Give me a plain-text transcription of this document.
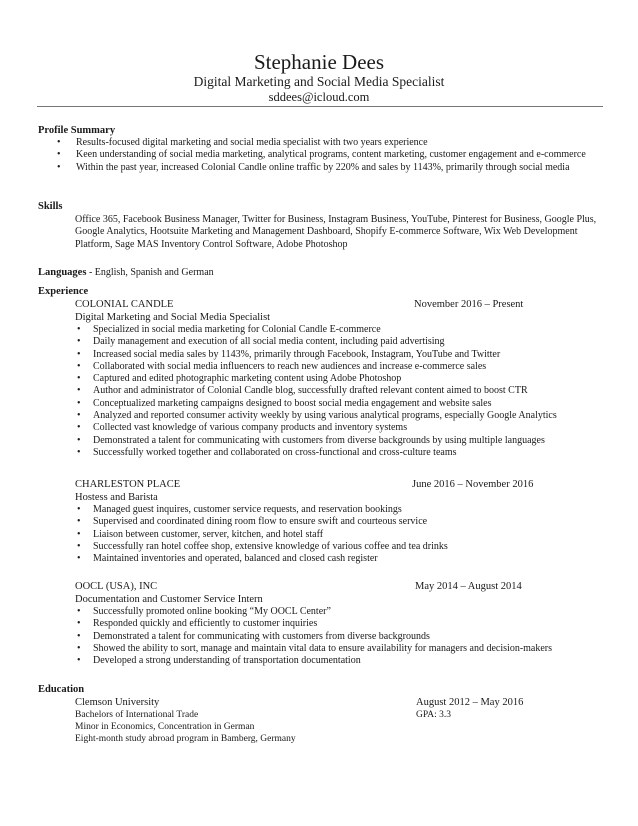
Stephanie Dees
Digital Marketing and Social Media Specialist
sddees@icloud.com
Profile Summary
• Results-focused digital marketing and social media specialist with two years experience
• Keen understanding of social media marketing, analytical programs, content marketing, customer engagement and e-commerce
• Within the past year, increased Colonial Candle online traffic by 220% and sales by 1143%, primarily through social media
Skills
Office 365, Facebook Business Manager, Twitter for Business, Instagram Business, YouTube, Pinterest for Business, Google Plus, Google Analytics, Hootsuite Marketing and Management Dashboard, Shopify E-commerce Software, Wix Web Development Platform, Sage MAS Inventory Control Software, Adobe Photoshop
Languages - English, Spanish and German
Experience
COLONIAL CANDLE	November 2016 – Present
Digital Marketing and Social Media Specialist
• Specialized in social media marketing for Colonial Candle E-commerce
• Daily management and execution of all social media content, including paid advertising
• Increased social media sales by 1143%, primarily through Facebook, Instagram, YouTube and Twitter
• Collaborated with social media influencers to reach new audiences and increase e-commerce sales
• Captured and edited photographic marketing content using Adobe Photoshop
• Author and administrator of Colonial Candle blog, successfully drafted relevant content aimed to boost CTR
• Conceptualized marketing campaigns designed to boost social media engagement and website sales
• Analyzed and reported consumer activity weekly by using various analytical programs, especially Google Analytics
• Collected vast knowledge of various company products and inventory systems
• Demonstrated a talent for communicating with customers from diverse backgrounds by using multiple languages
• Successfully worked together and collaborated on cross-functional and cross-culture teams
CHARLESTON PLACE	June 2016 – November 2016
Hostess and Barista
• Managed guest inquires, customer service requests, and reservation bookings
• Supervised and coordinated dining room flow to ensure swift and courteous service
• Liaison between customer, server, kitchen, and hotel staff
• Successfully ran hotel coffee shop, extensive knowledge of various coffee and tea drinks
• Maintained inventories and operated, balanced and closed cash register
OOCL (USA), INC	May 2014 – August 2014
Documentation and Customer Service Intern
• Successfully promoted online booking “My OOCL Center”
• Responded quickly and efficiently to customer inquiries
• Demonstrated a talent for communicating with customers from diverse backgrounds
• Showed the ability to sort, manage and maintain vital data to ensure availability for managers and decision-makers
• Developed a strong understanding of transportation documentation
Education
Clemson University	August 2012 – May 2016
Bachelors of International Trade	GPA: 3.3
Minor in Economics, Concentration in German
Eight-month study abroad program in Bamberg, Germany
